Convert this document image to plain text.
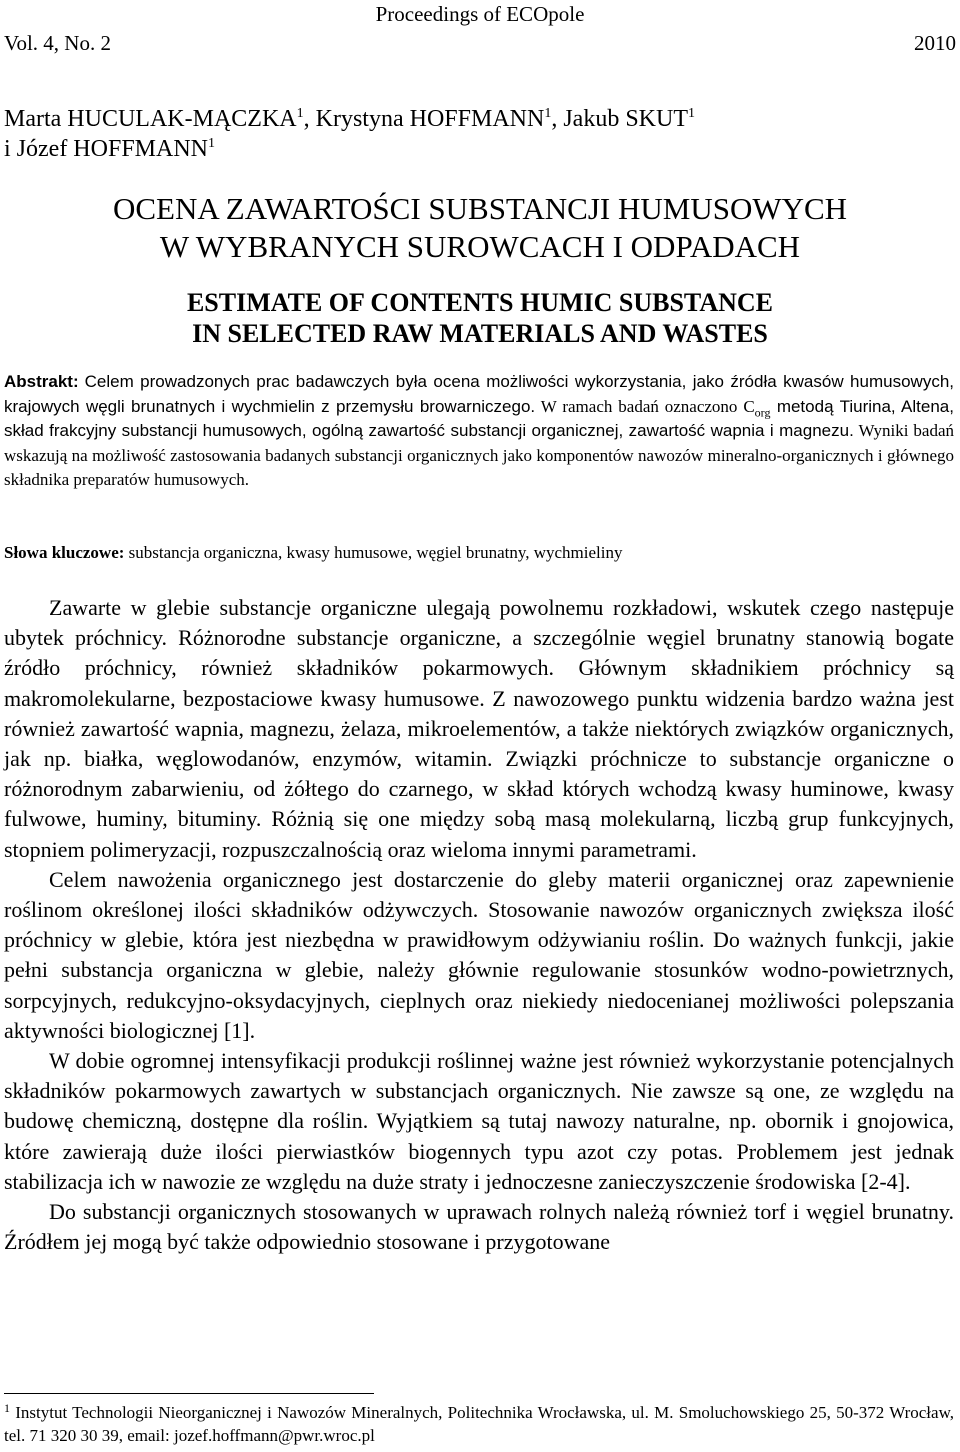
Proceedings of ECOpole
Vol. 4, No. 2	2010
Marta HUCULAK-MĄCZKA$^1$, Krystyna HOFFMANN$^1$, Jakub SKUT$^1$
i Józef HOFFMANN$^1$
OCENA ZAWARTOŚCI SUBSTANCJI HUMUSOWYCH
W WYBRANYCH SUROWCACH I ODPADACH
ESTIMATE OF CONTENTS HUMIC SUBSTANCE
IN SELECTED RAW MATERIALS AND WASTES
Abstrakt: Celem prowadzonych prac badawczych była ocena możliwości wykorzystania, jako źródła kwasów humusowych, krajowych węgli brunatnych i wychmielin z przemysłu browarniczego. W ramach badań oznaczono $C_{org}$ metodą Tiurina, Altena, skład frakcyjny substancji humusowych, ogólną zawartość substancji organicznej, zawartość wapnia i magnezu. Wyniki badań wskazują na możliwość zastosowania badanych substancji organicznych jako komponentów nawozów mineralno-organicznych i głównego składnika preparatów humusowych.
Słowa kluczowe: substancja organiczna, kwasy humusowe, węgiel brunatny, wychmieliny

Zawarte w glebie substancje organiczne ulegają powolnemu rozkładowi, wskutek czego następuje ubytek próchnicy. Różnorodne substancje organiczne, a szczególnie węgiel brunatny stanowią bogate źródło próchnicy, również składników pokarmowych. Głównym składnikiem próchnicy są makromolekularne, bezpostaciowe kwasy humusowe. Z nawozowego punktu widzenia bardzo ważna jest również zawartość wapnia, magnezu, żelaza, mikroelementów, a także niektórych związków organicznych, jak np. białka, węglowodanów, enzymów, witamin. Związki próchnicze to substancje organiczne o różnorodnym zabarwieniu, od żółtego do czarnego, w skład których wchodzą kwasy huminowe, kwasy fulwowe, huminy, bituminy. Różnią się one między sobą masą molekularną, liczbą grup funkcyjnych, stopniem polimeryzacji, rozpuszczalnością oraz wieloma innymi parametrami.

Celem nawożenia organicznego jest dostarczenie do gleby materii organicznej oraz zapewnienie roślinom określonej ilości składników odżywczych. Stosowanie nawozów organicznych zwiększa ilość próchnicy w glebie, która jest niezbędna w prawidłowym odżywianiu roślin. Do ważnych funkcji, jakie pełni substancja organiczna w glebie, należy głównie regulowanie stosunków wodno-powietrznych, sorpcyjnych, redukcyjno-oksydacyjnych, cieplnych oraz niekiedy niedocenianej możliwości polepszania aktywności biologicznej [1].

W dobie ogromnej intensyfikacji produkcji roślinnej ważne jest również wykorzystanie potencjalnych składników pokarmowych zawartych w substancjach organicznych. Nie zawsze są one, ze względu na budowę chemiczną, dostępne dla roślin. Wyjątkiem są tutaj nawozy naturalne, np. obornik i gnojowica, które zawierają duże ilości pierwiastków biogennych typu azot czy potas. Problemem jest jednak stabilizacja ich w nawozie ze względu na duże straty i jednoczesne zanieczyszczenie środowiska [2-4].

Do substancji organicznych stosowanych w uprawach rolnych należą również torf i węgiel brunatny. Źródłem jej mogą być także odpowiednio stosowane i przygotowane

$^1$ Instytut Technologii Nieorganicznej i Nawozów Mineralnych, Politechnika Wrocławska, ul. M. Smoluchowskiego 25, 50-372 Wrocław, tel. 71 320 30 39, email: jozef.hoffmann@pwr.wroc.pl
